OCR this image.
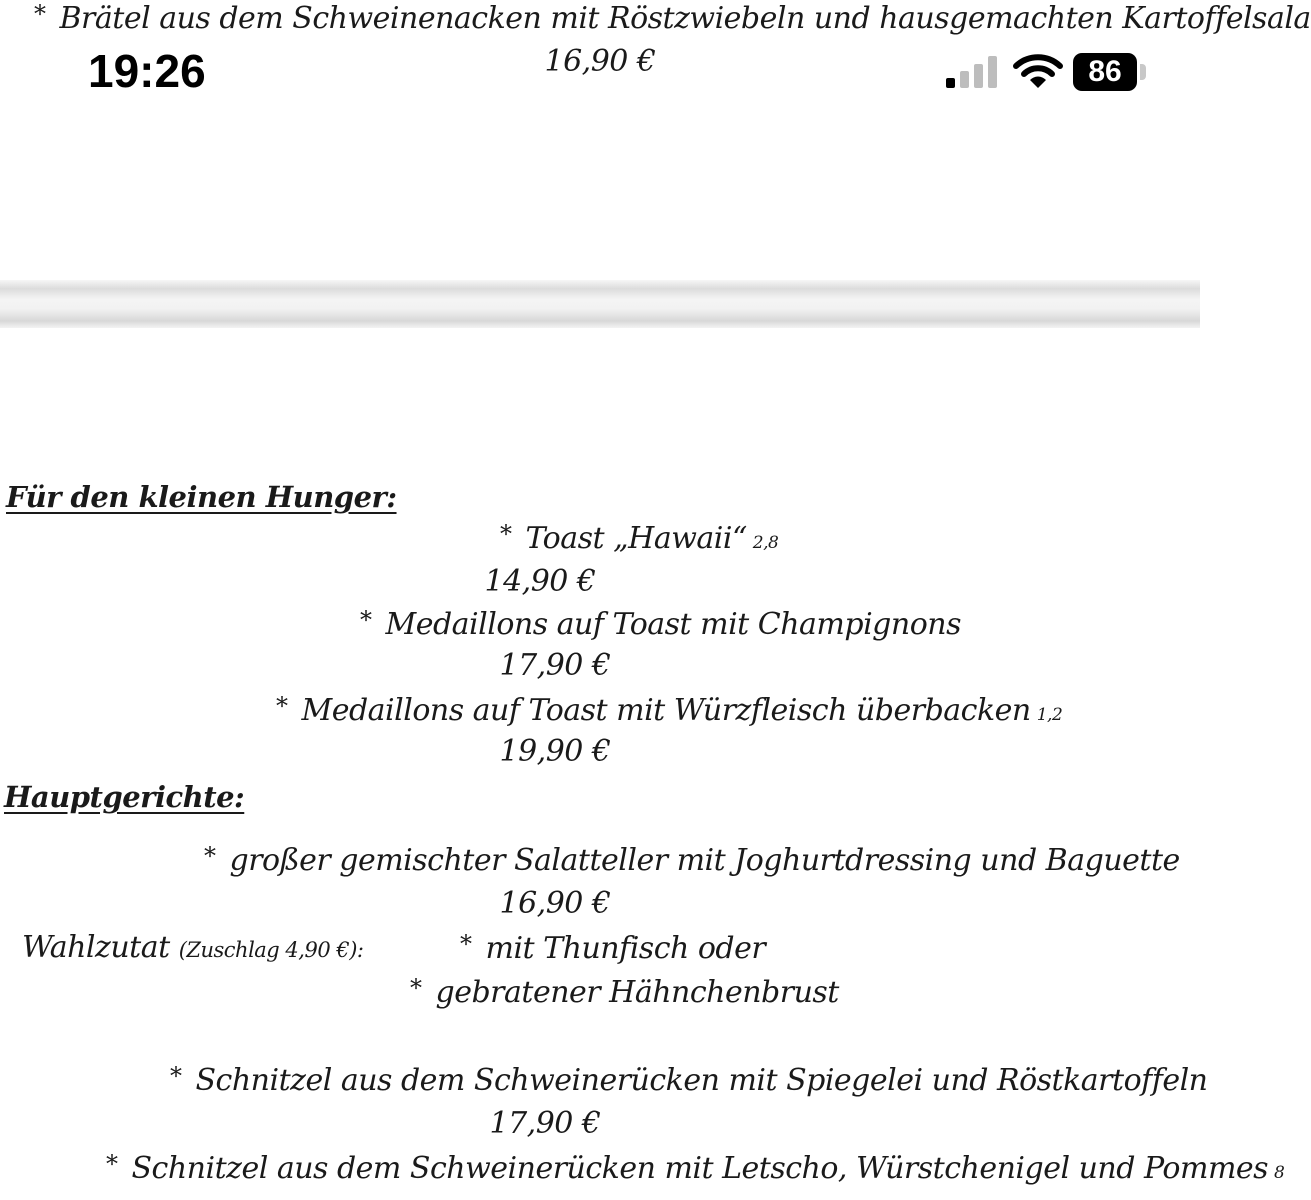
* Brätel aus dem Schweinenacken mit Röstzwiebeln und hausgemachten Kartoffelsala
16,90 €
19:26	86
Für den kleinen Hunger:
* Toast „Hawaii“ 2,8
14,90 €
* Medaillons auf Toast mit Champignons
17,90 €
* Medaillons auf Toast mit Würzfleisch überbacken 1,2
19,90 €
Hauptgerichte:
* großer gemischter Salatteller mit Joghurtdressing und Baguette
16,90 €
Wahlzutat (Zuschlag 4,90 €):	* mit Thunfisch oder
* gebratener Hähnchenbrust
* Schnitzel aus dem Schweinerücken mit Spiegelei und Röstkartoffeln
17,90 €
* Schnitzel aus dem Schweinerücken mit Letscho, Würstchenigel und Pommes 8
